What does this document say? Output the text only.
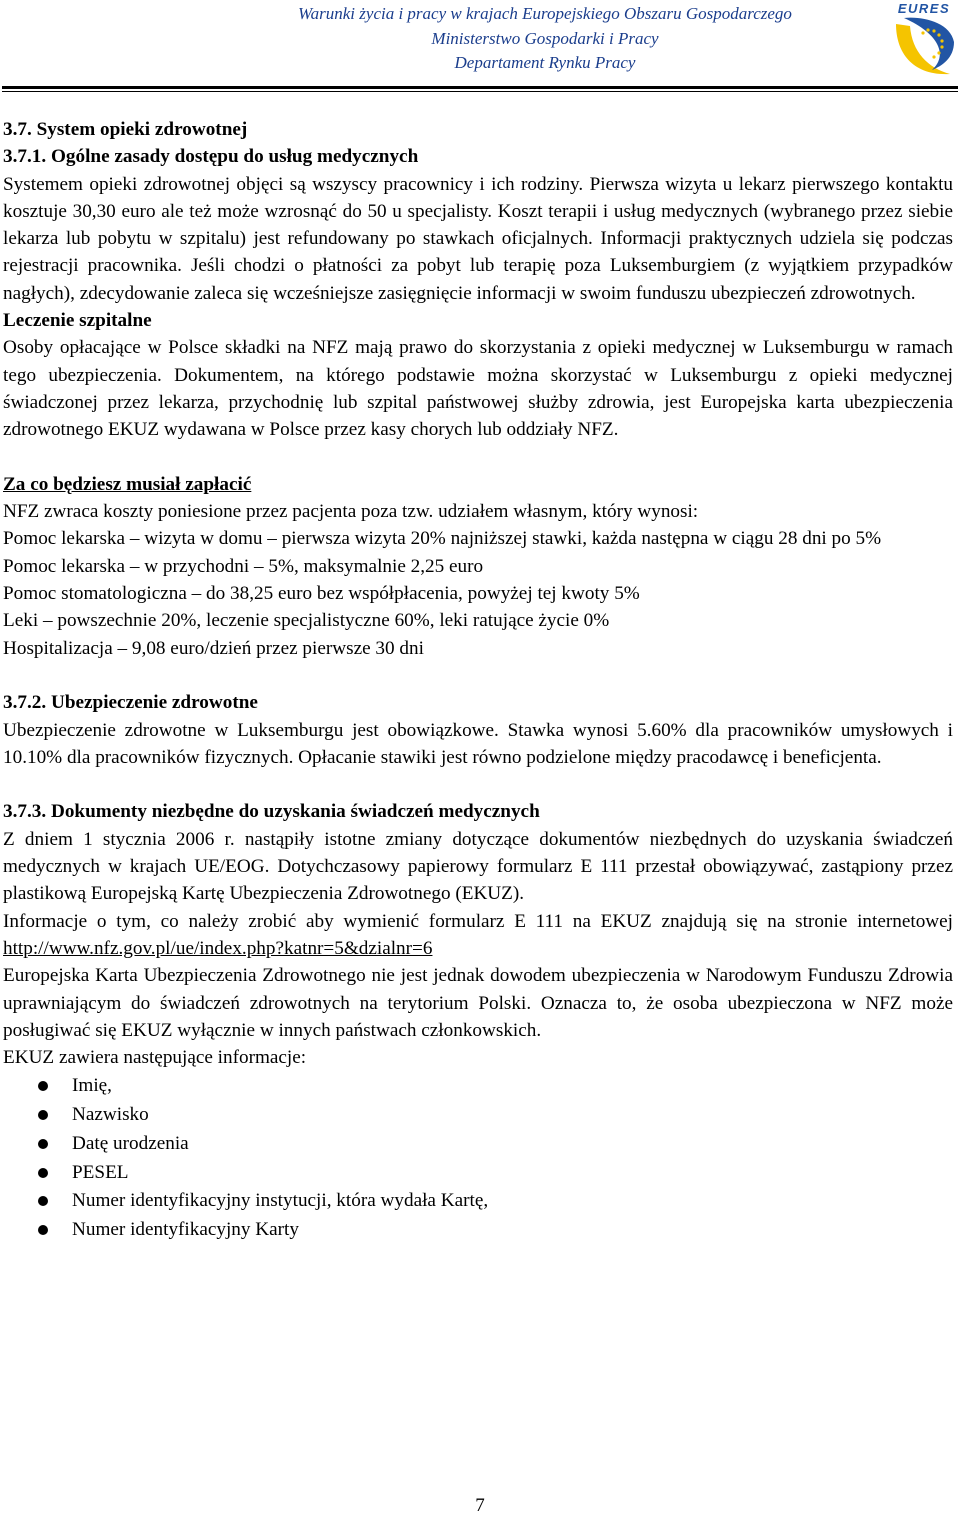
Warunki życia i pracy w krajach Europejskiego Obszaru Gospodarczego
Ministerstwo Gospodarki i Pracy
Departament Rynku Pracy
EURES

3.7. System opieki zdrowotnej

3.7.1. Ogólne zasady dostępu do usług medycznych

Systemem opieki zdrowotnej objęci są wszyscy pracownicy i ich rodziny. Pierwsza wizyta u lekarz pierwszego kontaktu kosztuje 30,30 euro ale też może wzrosnąć do 50 u specjalisty. Koszt terapii i usług medycznych (wybranego przez siebie lekarza lub pobytu w szpitalu) jest refundowany po stawkach oficjalnych. Informacji praktycznych udziela się podczas rejestracji pracownika. Jeśli chodzi o płatności za pobyt lub terapię poza Luksemburgiem (z wyjątkiem przypadków nagłych), zdecydowanie zaleca się wcześniejsze zasięgnięcie informacji w swoim funduszu ubezpieczeń zdrowotnych.

Leczenie szpitalne

Osoby opłacające w Polsce składki na NFZ mają prawo do skorzystania z opieki medycznej w Luksemburgu w ramach tego ubezpieczenia. Dokumentem, na którego podstawie można skorzystać w Luksemburgu z opieki medycznej świadczonej przez lekarza, przychodnię lub szpital państwowej służby zdrowia, jest Europejska karta ubezpieczenia zdrowotnego EKUZ wydawana w Polsce przez kasy chorych lub oddziały NFZ.

Za co będziesz musiał zapłacić

NFZ zwraca koszty poniesione przez pacjenta poza tzw. udziałem własnym, który wynosi:

Pomoc lekarska – wizyta w domu – pierwsza wizyta 20% najniższej stawki, każda następna w ciągu 28 dni po 5%

Pomoc lekarska – w przychodni – 5%, maksymalnie 2,25 euro

Pomoc stomatologiczna – do 38,25 euro bez współpłacenia, powyżej tej kwoty 5%

Leki – powszechnie 20%, leczenie specjalistyczne 60%, leki ratujące życie 0%

Hospitalizacja – 9,08 euro/dzień przez pierwsze 30 dni

3.7.2. Ubezpieczenie zdrowotne

Ubezpieczenie zdrowotne w Luksemburgu jest obowiązkowe. Stawka wynosi 5.60% dla pracowników umysłowych i 10.10% dla pracowników fizycznych. Opłacanie stawiki jest równo podzielone między pracodawcę i beneficjenta.

3.7.3. Dokumenty niezbędne do uzyskania świadczeń medycznych

Z dniem 1 stycznia 2006 r. nastąpiły istotne zmiany dotyczące dokumentów niezbędnych do uzyskania świadczeń medycznych w krajach UE/EOG. Dotychczasowy papierowy formularz E 111 przestał obowiązywać, zastąpiony przez plastikową Europejską Kartę Ubezpieczenia Zdrowotnego (EKUZ).

Informacje o tym, co należy zrobić aby wymienić formularz E 111 na EKUZ znajdują się na stronie internetowej http://www.nfz.gov.pl/ue/index.php?katnr=5&dzialnr=6

Europejska Karta Ubezpieczenia Zdrowotnego nie jest jednak dowodem ubezpieczenia w Narodowym Funduszu Zdrowia uprawniającym do świadczeń zdrowotnych na terytorium Polski. Oznacza to, że osoba ubezpieczona w NFZ może posługiwać się EKUZ wyłącznie w innych państwach członkowskich.

EKUZ zawiera następujące informacje:

Imię,
Nazwisko
Datę urodzenia
PESEL
Numer identyfikacyjny instytucji, która wydała Kartę,
Numer identyfikacyjny Karty
7
